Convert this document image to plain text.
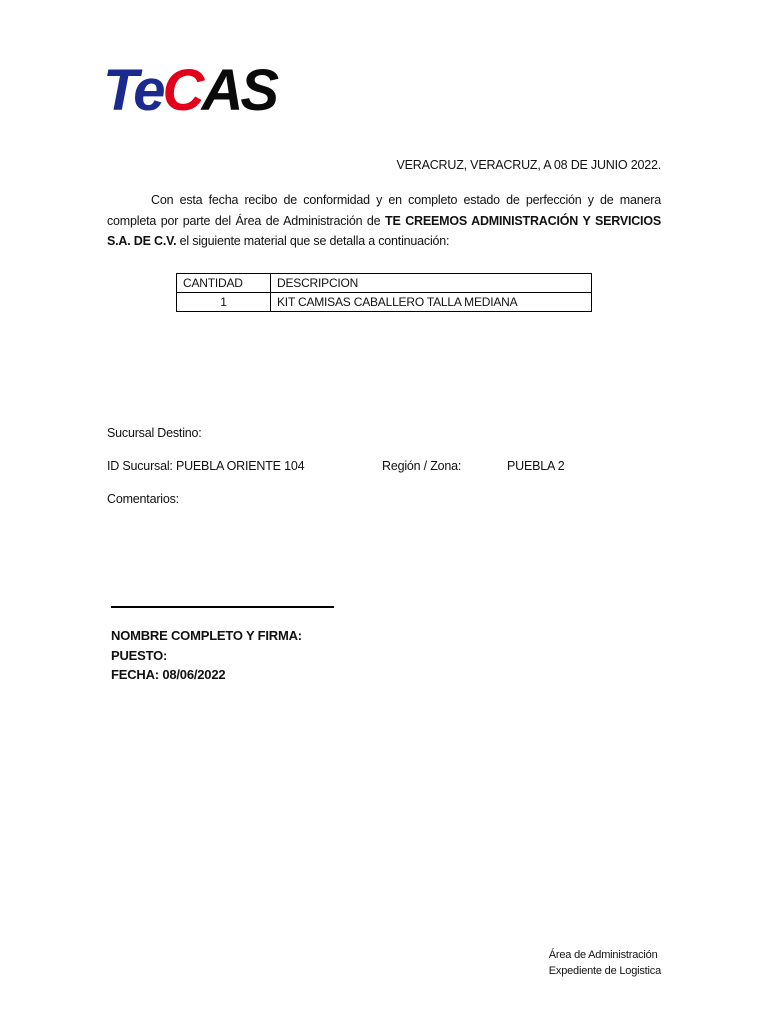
TeCAS
VERACRUZ, VERACRUZ, A 08 DE JUNIO 2022.
Con esta fecha recibo de conformidad y en completo estado de perfección y de manera completa por parte del Área de Administración de TE CREEMOS ADMINISTRACIÓN Y SERVICIOS S.A. DE C.V. el siguiente material que se detalla a continuación:
CANTIDAD	DESCRIPCION
1	KIT CAMISAS CABALLERO TALLA MEDIANA
Sucursal Destino:
ID Sucursal: PUEBLA ORIENTE 104	Región / Zona:	PUEBLA 2
Comentarios:
NOMBRE COMPLETO Y FIRMA:
PUESTO:
FECHA: 08/06/2022
Área de Administración
Expediente de Logistica
